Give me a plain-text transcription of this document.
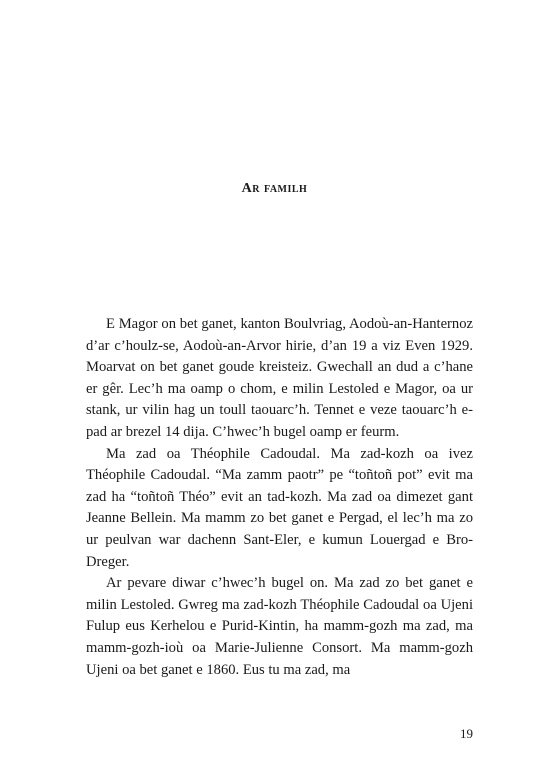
Ar familh

E Magor on bet ganet, kanton Boulvriag, Aodoù-an-Hanternoz d’ar c’houlz-se, Aodoù-an-Arvor hirie, d’an 19 a viz Even 1929. Moarvat on bet ganet goude kreisteiz. Gwechall an dud a c’hane er gêr. Lec’h ma oamp o chom, e milin Lestoled e Magor, oa ur stank, ur vilin hag un toull taouarc’h. Tennet e veze taouarc’h e-pad ar brezel 14 dija. C’hwec’h bugel oamp er feurm.

Ma zad oa Théophile Cadoudal. Ma zad-kozh oa ivez Théophile Cadoudal. “Ma zamm paotr” pe “toñtoñ pot” evit ma zad ha “toñtoñ Théo” evit an tad-kozh. Ma zad oa dimezet gant Jeanne Bellein. Ma mamm zo bet ganet e Pergad, el lec’h ma zo ur peulvan war dachenn Sant-Eler, e kumun Louergad e Bro-Dreger.

Ar pevare diwar c’hwec’h bugel on. Ma zad zo bet ganet e milin Lestoled. Gwreg ma zad-kozh Théophile Cadoudal oa Ujeni Fulup eus Kerhelou e Purid-Kintin, ha mamm-gozh ma zad, ma mamm-gozh-ioù oa Marie-Julienne Consort. Ma mamm-gozh Ujeni oa bet ganet e 1860. Eus tu ma zad, ma

19
